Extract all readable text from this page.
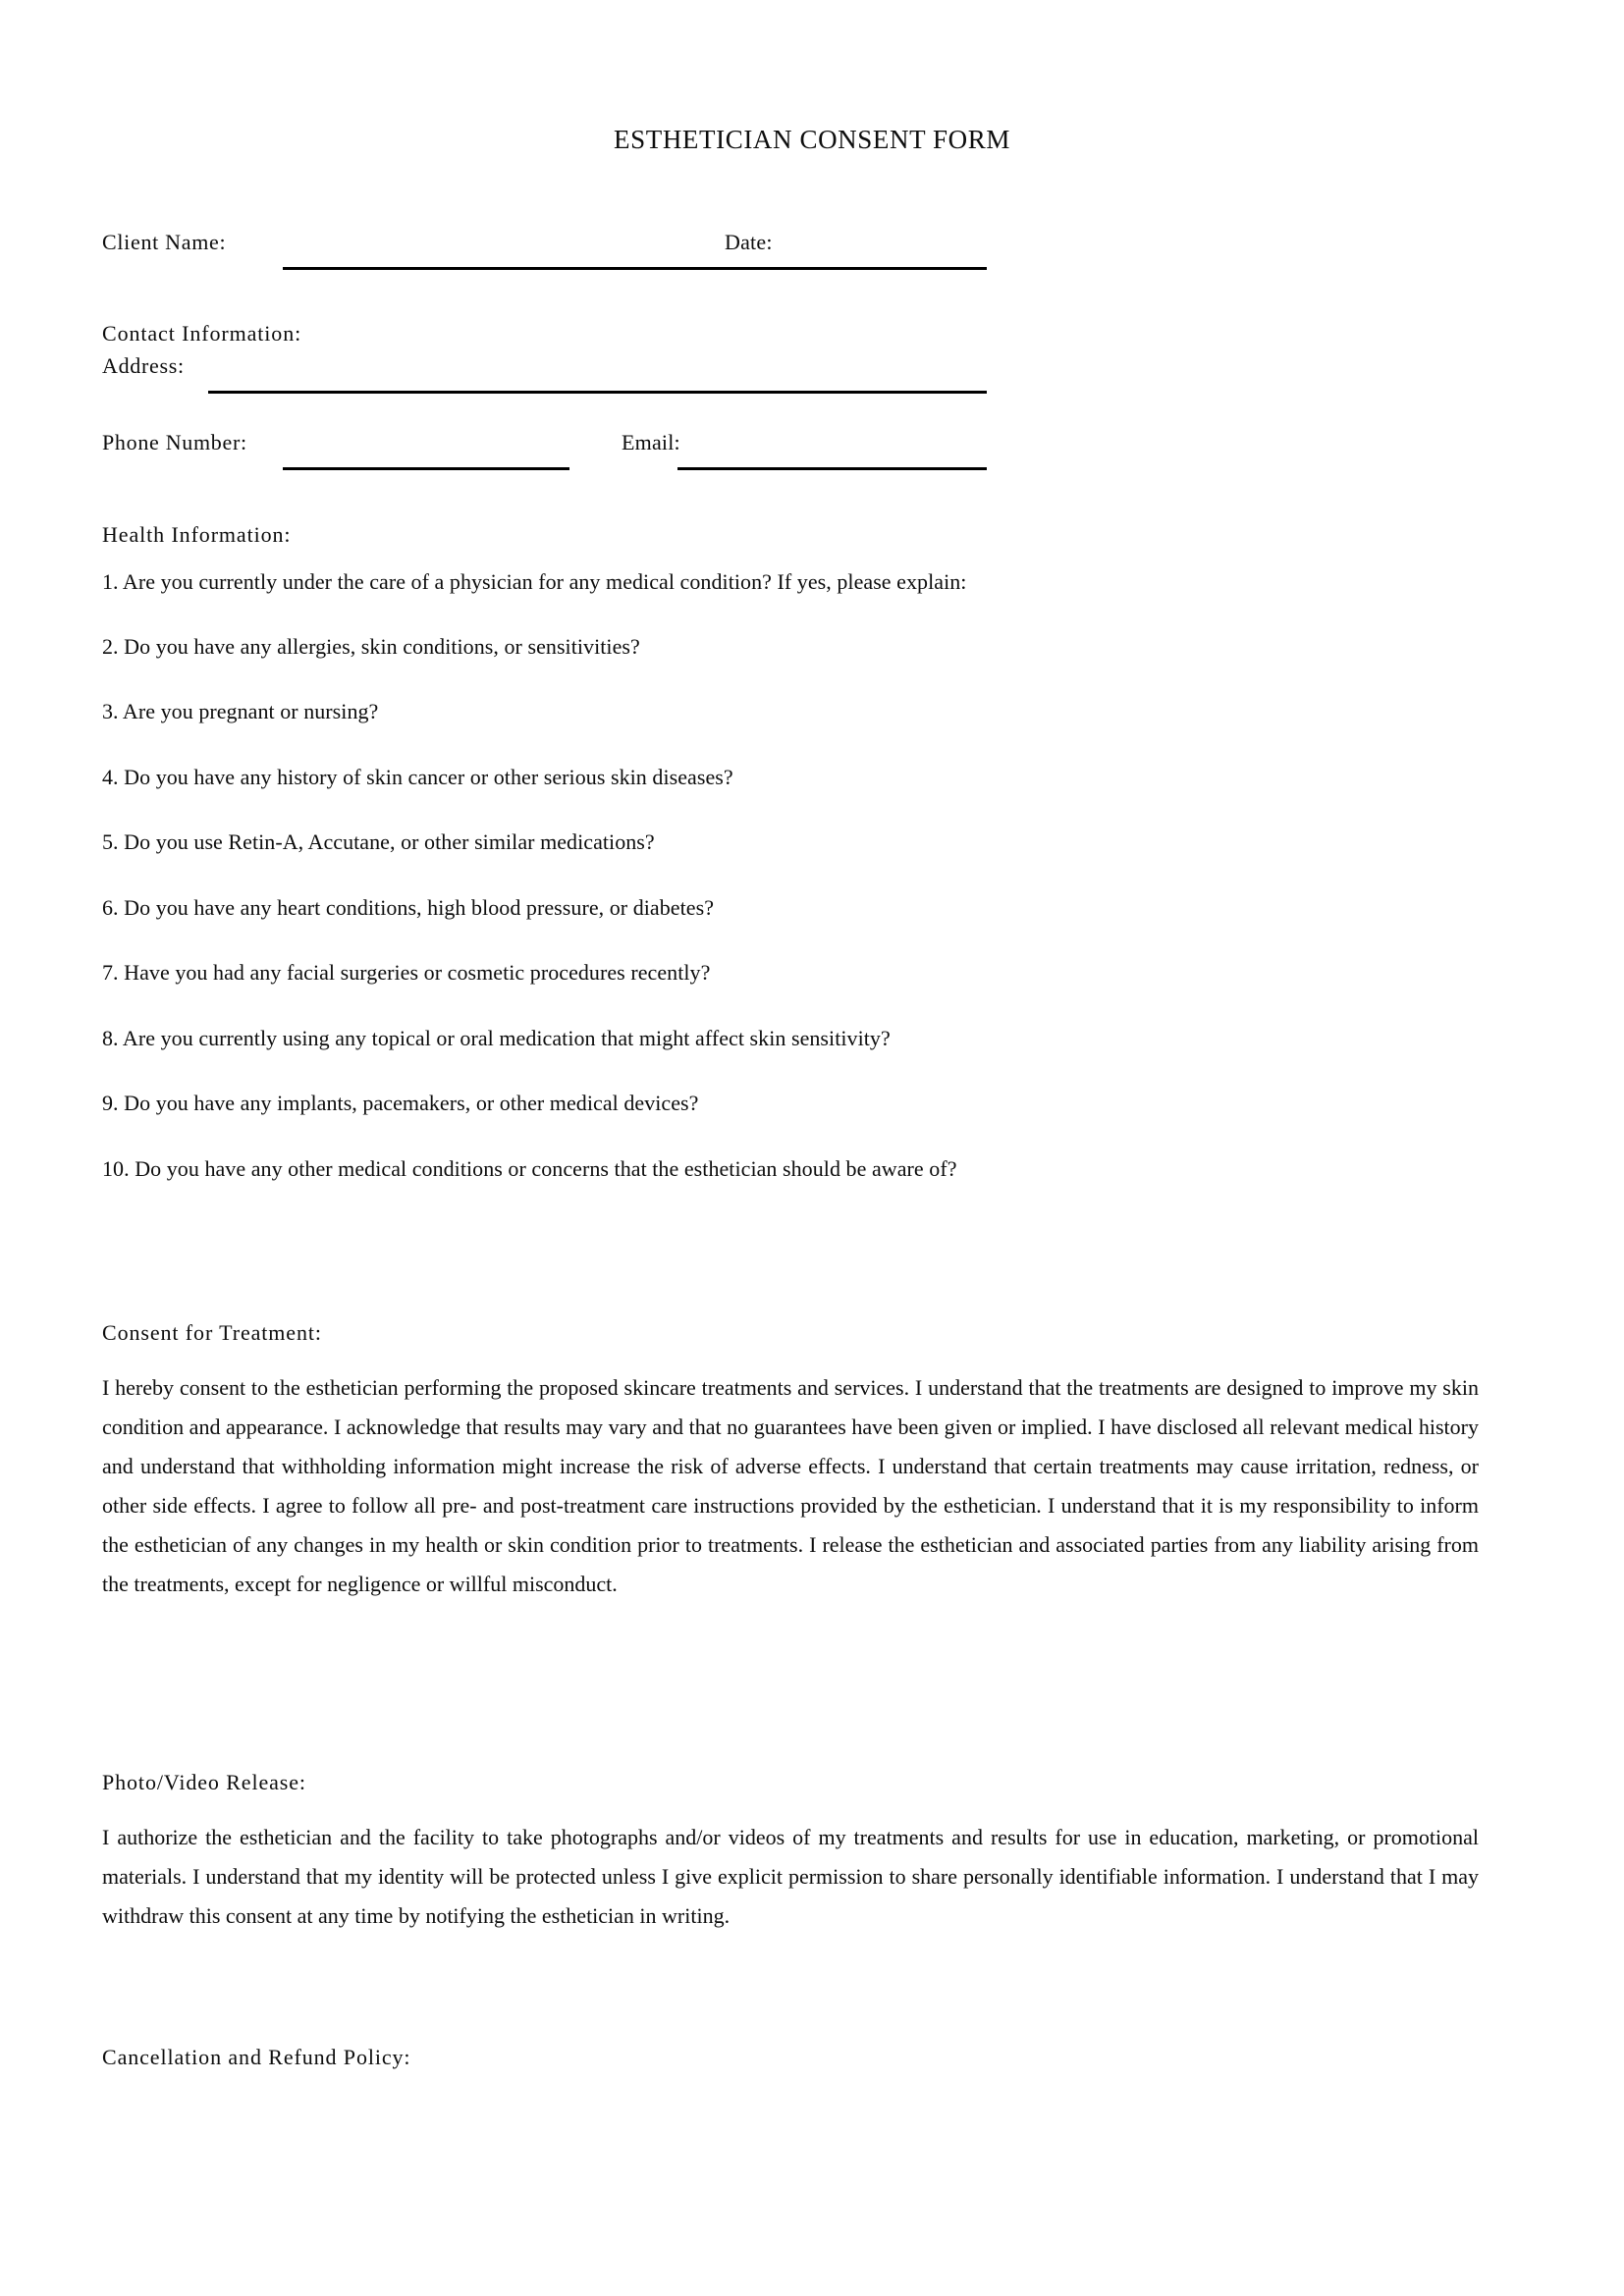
ESTHETICIAN CONSENT FORM
Client Name:	Date:
Contact Information:
Address:
Phone Number:	Email:
Health Information:
1. Are you currently under the care of a physician for any medical condition? If yes, please explain:
2. Do you have any allergies, skin conditions, or sensitivities?
3. Are you pregnant or nursing?
4. Do you have any history of skin cancer or other serious skin diseases?
5. Do you use Retin-A, Accutane, or other similar medications?
6. Do you have any heart conditions, high blood pressure, or diabetes?
7. Have you had any facial surgeries or cosmetic procedures recently?
8. Are you currently using any topical or oral medication that might affect skin sensitivity?
9. Do you have any implants, pacemakers, or other medical devices?
10. Do you have any other medical conditions or concerns that the esthetician should be aware of?
Consent for Treatment:
I hereby consent to the esthetician performing the proposed skincare treatments and services. I understand that the treatments are designed to improve my skin condition and appearance. I acknowledge that results may vary and that no guarantees have been given or implied. I have disclosed all relevant medical history and understand that withholding information might increase the risk of adverse effects. I understand that certain treatments may cause irritation, redness, or other side effects. I agree to follow all pre- and post-treatment care instructions provided by the esthetician. I understand that it is my responsibility to inform the esthetician of any changes in my health or skin condition prior to treatments. I release the esthetician and associated parties from any liability arising from the treatments, except for negligence or willful misconduct.
Photo/Video Release:
I authorize the esthetician and the facility to take photographs and/or videos of my treatments and results for use in education, marketing, or promotional materials. I understand that my identity will be protected unless I give explicit permission to share personally identifiable information. I understand that I may withdraw this consent at any time by notifying the esthetician in writing.
Cancellation and Refund Policy:
